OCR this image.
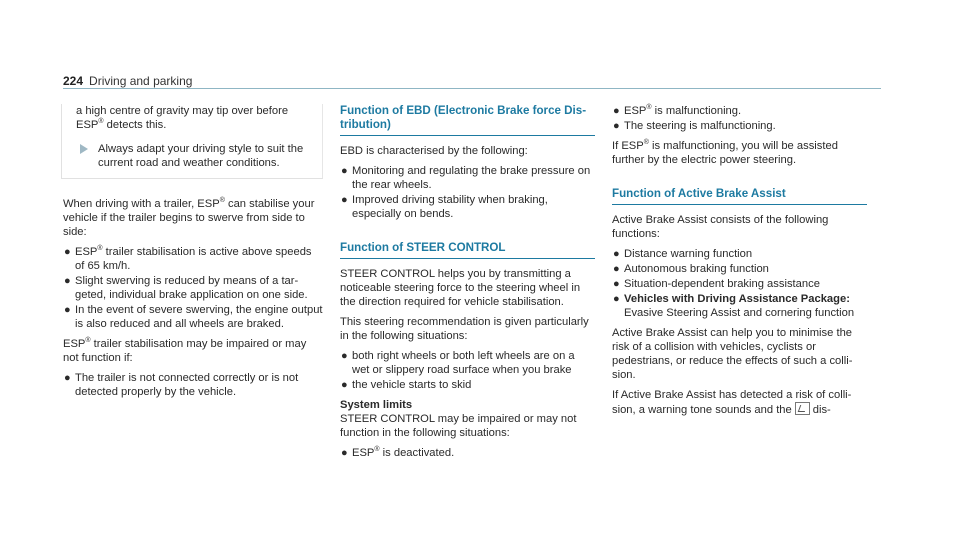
224 Driving and parking

a high centre of gravity may tip over before
ESP® detects this.

Always adapt your driving style to suit the current road and weather conditions.

When driving with a trailer, ESP® can stabilise your vehicle if the trailer begins to swerve from side to side:

● ESP® trailer stabilisation is active above speeds of 65 km/h.
● Slight swerving is reduced by means of a targeted, individual brake application on one side.
● In the event of severe swerving, the engine output is also reduced and all wheels are braked.

ESP® trailer stabilisation may be impaired or may not function if:

● The trailer is not connected correctly or is not detected properly by the vehicle.
Function of EBD (Electronic Brake force Distribution)

EBD is characterised by the following:

● Monitoring and regulating the brake pressure on the rear wheels.
● Improved driving stability when braking, especially on bends.
Function of STEER CONTROL

STEER CONTROL helps you by transmitting a noticeable steering force to the steering wheel in the direction required for vehicle stabilisation.

This steering recommendation is given particularly in the following situations:

● both right wheels or both left wheels are on a wet or slippery road surface when you brake
● the vehicle starts to skid
System limits

STEER CONTROL may be impaired or may not function in the following situations:

● ESP® is deactivated.
● ESP® is malfunctioning.
● The steering is malfunctioning.

If ESP® is malfunctioning, you will be assisted further by the electric power steering.

Function of Active Brake Assist

Active Brake Assist consists of the following functions:

● Distance warning function
● Autonomous braking function
● Situation-dependent braking assistance
● Vehicles with Driving Assistance Package: Evasive Steering Assist and cornering function

Active Brake Assist can help you to minimise the risk of a collision with vehicles, cyclists or pedestrians, or reduce the effects of such a collision.

If Active Brake Assist has detected a risk of collision, a warning tone sounds and the dis-
